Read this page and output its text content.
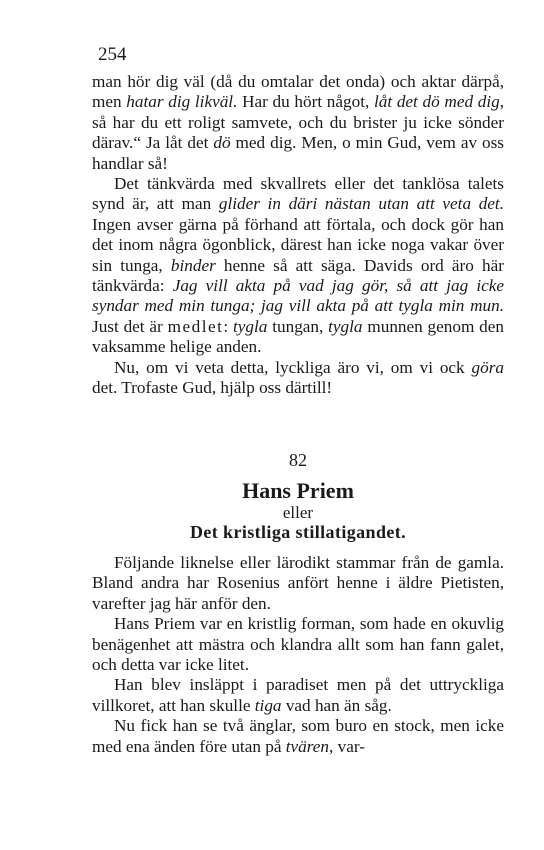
254

man hör dig väl (då du omtalar det onda) och aktar därpå, men hatar dig likväl. Har du hört något, låt det dö med dig, så har du ett roligt samvete, och du brister ju icke sönder därav.“ Ja låt det dö med dig. Men, o min Gud, vem av oss handlar så!

Det tänkvärda med skvallrets eller det tanklösa talets synd är, att man glider in däri nästan utan att veta det. Ingen avser gärna på förhand att förtala, och dock gör han det inom några ögonblick, därest han icke noga vakar över sin tunga, binder henne så att säga. Davids ord äro här tänkvärda: Jag vill akta på vad jag gör, så att jag icke syndar med min tunga; jag vill akta på att tygla min mun. Just det är medlet: tygla tungan, tygla munnen genom den vaksamme helige anden.

Nu, om vi veta detta, lyckliga äro vi, om vi ock göra det. Trofaste Gud, hjälp oss därtill!

82
Hans Priem
eller
Det kristliga stillatigandet.

Följande liknelse eller lärodikt stammar från de gamla. Bland andra har Rosenius anfört henne i äldre Pietisten, varefter jag här anför den.

Hans Priem var en kristlig forman, som hade en okuvlig benägenhet att mästra och klandra allt som han fann galet, och detta var icke litet.

Han blev insläppt i paradiset men på det uttryckliga villkoret, att han skulle tiga vad han än såg.

Nu fick han se två änglar, som buro en stock, men icke med ena änden före utan på tvären, var-
